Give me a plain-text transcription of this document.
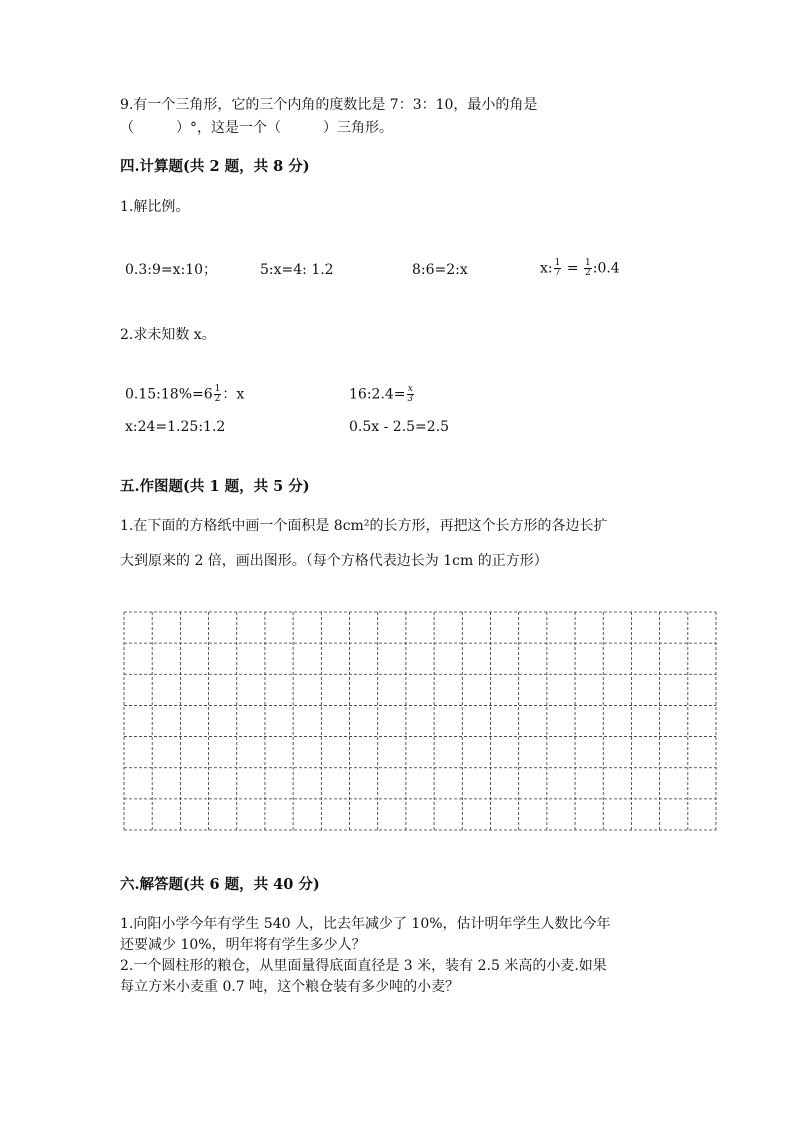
9.有一个三角形，它的三个内角的度数比是 7：3：10，最小的角是
（　　　）°，这是一个（　　　）三角形。
四.计算题(共 2 题，共 8 分)
1.解比例。
0.3:9=x:10；	5:x=4: 1.2	8:6=2:x	x: $\frac{1}{7} = \frac{1}{2}$ :0.4
2.求未知数 x。
0.15:18%=6 $\frac{1}{2}$ ：x	16:2.4= $\frac{x}{3}$
x:24=1.25:1.2	0.5x - 2.5=2.5
五.作图题(共 1 题，共 5 分)
1.在下面的方格纸中画一个面积是 8cm²的长方形，再把这个长方形的各边长扩
大到原来的 2 倍，画出图形。（每个方格代表边长为 1cm 的正方形）
六.解答题(共 6 题，共 40 分)
1.向阳小学今年有学生 540 人，比去年减少了 10%，估计明年学生人数比今年
还要减少 10%，明年将有学生多少人？
2.一个圆柱形的粮仓，从里面量得底面直径是 3 米，装有 2.5 米高的小麦.如果
每立方米小麦重 0.7 吨，这个粮仓装有多少吨的小麦？
